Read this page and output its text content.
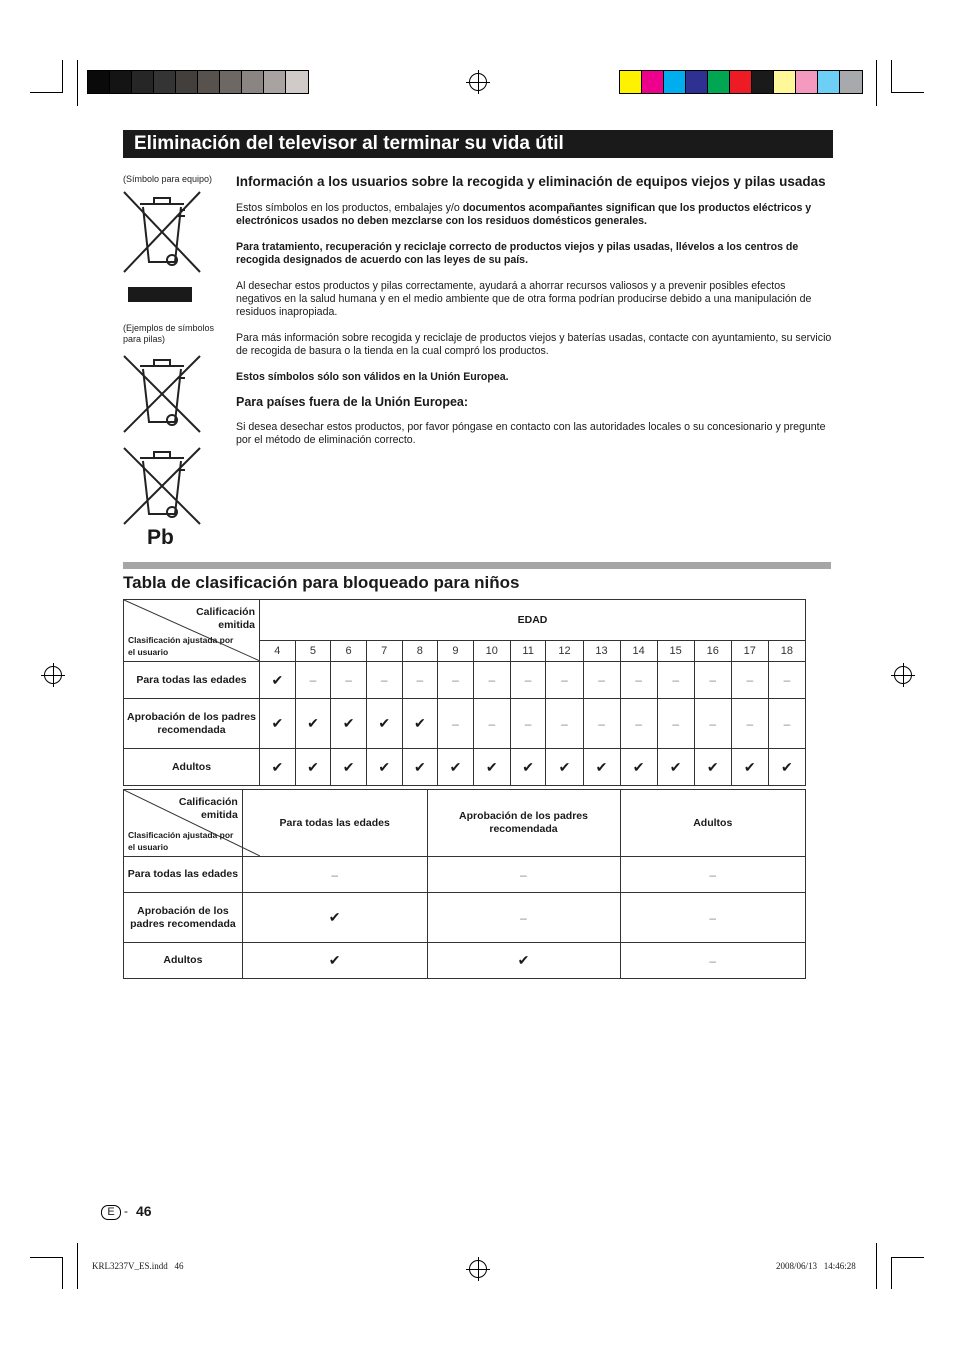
Eliminación del televisor al terminar su vida útil
(Símbolo para equipo)
(Ejemplos de símbolos para pilas)
Pb
Información a los usuarios sobre la recogida y eliminación de equipos viejos y pilas usadas

Estos símbolos en los productos, embalajes y/o documentos acompañantes significan que los productos eléctricos y electrónicos usados no deben mezclarse con los residuos domésticos generales.

Para tratamiento, recuperación y reciclaje correcto de productos viejos y pilas usadas, llévelos a los centros de recogida designados de acuerdo con las leyes de su país.

Al desechar estos productos y pilas correctamente, ayudará a ahorrar recursos valiosos y a prevenir posibles efectos negativos en la salud humana y en el medio ambiente que de otra forma podrían producirse debido a una manipulación de residuos inapropiada.

Para más información sobre recogida y reciclaje de productos viejos y baterías usadas, contacte con ayuntamiento, su servicio de recogida de basura o la tienda en la cual compró los productos.

Estos símbolos sólo son válidos en la Unión Europea.

Para países fuera de la Unión Europea:

Si desea desechar estos productos, por favor póngase en contacto con las autoridades locales o su concesionario y pregunte por el método de eliminación correcto.

Tabla de clasificación para bloqueado para niños
Calificación emitida
Clasificación ajustada por el usuario	EDAD														
	4	5	6	7	8	9	10	11	12	13	14	15	16	17	18
Para todas las edades	✔	–	–	–	–	–	–	–	–	–	–	–	–	–	–
Aprobación de los padres recomendada	✔	✔	✔	✔	✔	–	–	–	–	–	–	–	–	–	–
Adultos	✔	✔	✔	✔	✔	✔	✔	✔	✔	✔	✔	✔	✔	✔	✔
Calificación emitida
Clasificación ajustada por el usuario	Para todas las edades	Aprobación de los padres recomendada	Adultos
Para todas las edades	–	–	–
Aprobación de los padres recomendada	✔	–	–
Adultos	✔	✔	–
E - 46
KRL3237V_ES.indd   46	2008/06/13   14:46:28
